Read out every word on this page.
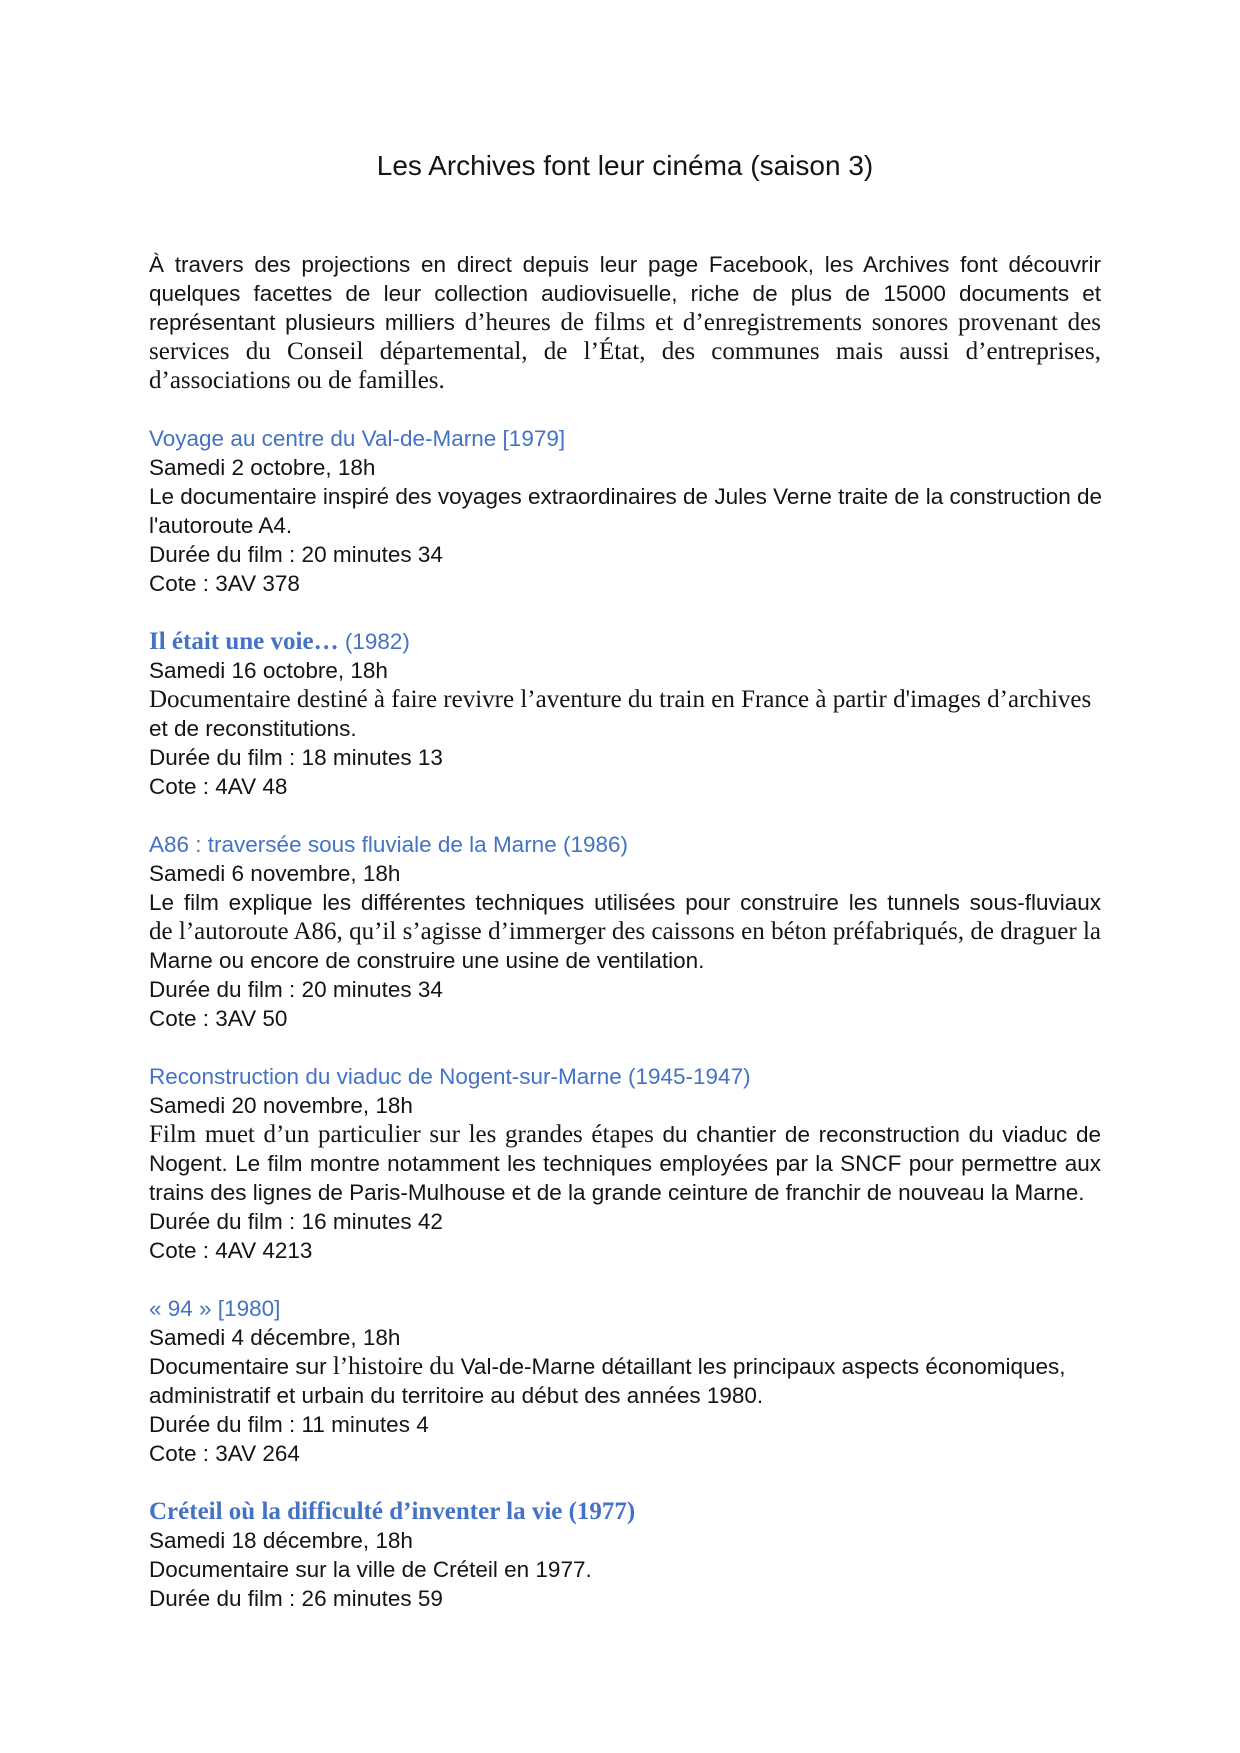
Les Archives font leur cinéma (saison 3)
À travers des projections en direct depuis leur page Facebook, les Archives font découvrir
quelques facettes de leur collection audiovisuelle, riche de plus de 15000 documents et
représentant plusieurs milliers d’heures de films et d’enregistrements sonores provenant des
services du Conseil départemental, de l’État, des communes mais aussi d’entreprises,
d’associations ou de familles.
Voyage au centre du Val-de-Marne [1979]
Samedi 2 octobre, 18h
Le documentaire inspiré des voyages extraordinaires de Jules Verne traite de la construction de
l'autoroute A4.
Durée du film : 20 minutes 34
Cote : 3AV 378
Il était une voie… (1982)
Samedi 16 octobre, 18h
Documentaire destiné à faire revivre l’aventure du train en France à partir d'images d’archives
et de reconstitutions.
Durée du film : 18 minutes 13
Cote : 4AV 48
A86 : traversée sous fluviale de la Marne (1986)
Samedi 6 novembre, 18h
Le film explique les différentes techniques utilisées pour construire les tunnels sous-fluviaux
de l’autoroute A86, qu’il s’agisse d’immerger des caissons en béton préfabriqués, de draguer la
Marne ou encore de construire une usine de ventilation.
Durée du film : 20 minutes 34
Cote : 3AV 50
Reconstruction du viaduc de Nogent-sur-Marne (1945-1947)
Samedi 20 novembre, 18h
Film muet d’un particulier sur les grandes étapes du chantier de reconstruction du viaduc de
Nogent. Le film montre notamment les techniques employées par la SNCF pour permettre aux
trains des lignes de Paris-Mulhouse et de la grande ceinture de franchir de nouveau la Marne.
Durée du film : 16 minutes 42
Cote : 4AV 4213
« 94 » [1980]
Samedi 4 décembre, 18h
Documentaire sur l’histoire du Val-de-Marne détaillant les principaux aspects économiques,
administratif et urbain du territoire au début des années 1980.
Durée du film : 11 minutes 4
Cote : 3AV 264
Créteil où la difficulté d’inventer la vie (1977)
Samedi 18 décembre, 18h
Documentaire sur la ville de Créteil en 1977.
Durée du film : 26 minutes 59
